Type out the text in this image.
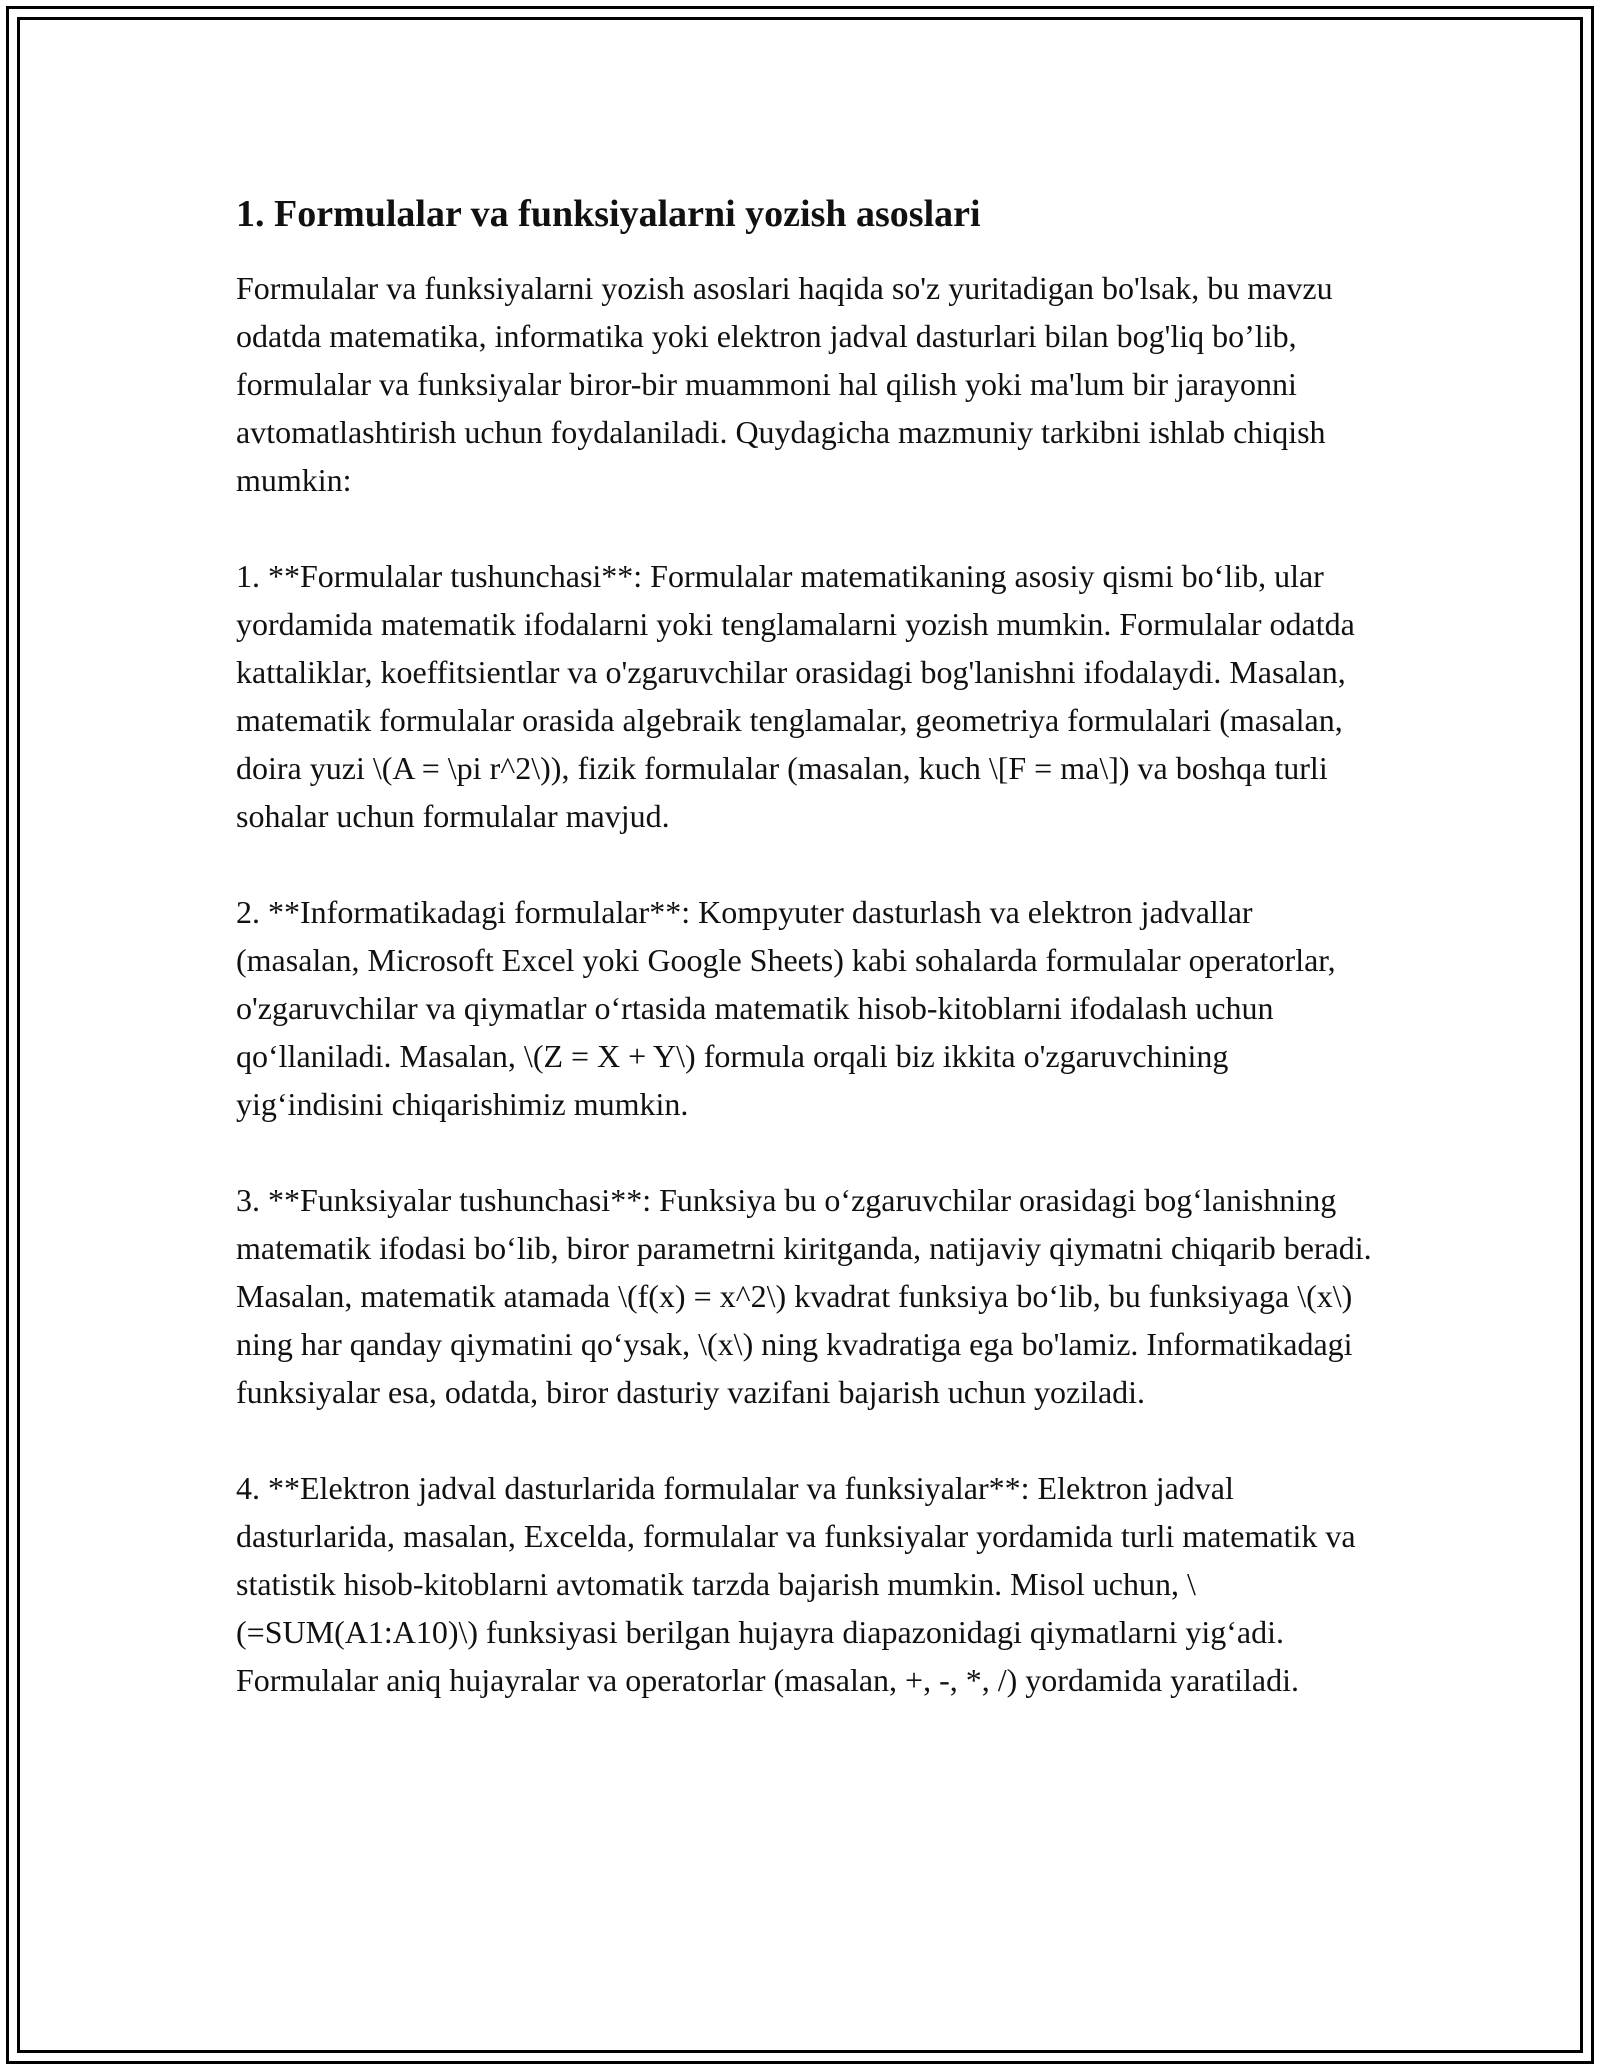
1. Formulalar va funksiyalarni yozish asoslari

Formulalar va funksiyalarni yozish asoslari haqida so'z yuritadigan bo'lsak, bu mavzu odatda matematika, informatika yoki elektron jadval dasturlari bilan bog'liq bo’lib, formulalar va funksiyalar biror-bir muammoni hal qilish yoki ma'lum bir jarayonni avtomatlashtirish uchun foydalaniladi. Quydagicha mazmuniy tarkibni ishlab chiqish mumkin:

1. **Formulalar tushunchasi**: Formulalar matematikaning asosiy qismi bo‘lib, ular yordamida matematik ifodalarni yoki tenglamalarni yozish mumkin. Formulalar odatda kattaliklar, koeffitsientlar va o'zgaruvchilar orasidagi bog'lanishni ifodalaydi. Masalan, matematik formulalar orasida algebraik tenglamalar, geometriya formulalari (masalan, doira yuzi \(A = \pi r^2\)), fizik formulalar (masalan, kuch \[F = ma\]) va boshqa turli sohalar uchun formulalar mavjud.

2. **Informatikadagi formulalar**: Kompyuter dasturlash va elektron jadvallar (masalan, Microsoft Excel yoki Google Sheets) kabi sohalarda formulalar operatorlar, o'zgaruvchilar va qiymatlar o‘rtasida matematik hisob-kitoblarni ifodalash uchun qo‘llaniladi. Masalan, \(Z = X + Y\) formula orqali biz ikkita o'zgaruvchining yig‘indisini chiqarishimiz mumkin.

3. **Funksiyalar tushunchasi**: Funksiya bu o‘zgaruvchilar orasidagi bog‘lanishning matematik ifodasi bo‘lib, biror parametrni kiritganda, natijaviy qiymatni chiqarib beradi. Masalan, matematik atamada \(f(x) = x^2\) kvadrat funksiya bo‘lib, bu funksiyaga \(x\) ning har qanday qiymatini qo‘ysak, \(x\) ning kvadratiga ega bo'lamiz. Informatikadagi funksiyalar esa, odatda, biror dasturiy vazifani bajarish uchun yoziladi.

4. **Elektron jadval dasturlarida formulalar va funksiyalar**: Elektron jadval dasturlarida, masalan, Excelda, formulalar va funksiyalar yordamida turli matematik va statistik hisob-kitoblarni avtomatik tarzda bajarish mumkin. Misol uchun, \(=SUM(A1:A10)\) funksiyasi berilgan hujayra diapazonidagi qiymatlarni yig‘adi. Formulalar aniq hujayralar va operatorlar (masalan, +, -, *, /) yordamida yaratiladi.
